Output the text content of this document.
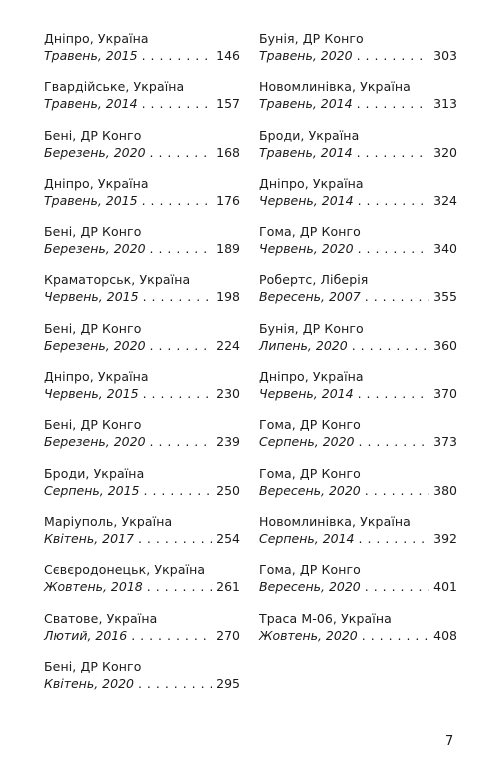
Дніпро, Україна
Травень, 2015 . . .	146
Гвардійське, Україна
Травень, 2014 . . .	157
Бені, ДР Конго
Березень, 2020 . . .	168
Дніпро, Україна
Травень, 2015 . . .	176
Бені, ДР Конго
Березень, 2020 . . .	189
Краматорськ, Україна
Червень, 2015 . . .	198
Бені, ДР Конго
Березень, 2020 . . .	224
Дніпро, Україна
Червень, 2015 . . .	230
Бені, ДР Конго
Березень, 2020 . . .	239
Броди, Україна
Серпень, 2015 . . .	250
Маріуполь, Україна
Квітень, 2017 . . .	254
Сєвєродонецьк, Україна
Жовтень, 2018 . . .	261
Сватове, Україна
Лютий, 2016 . . .	270
Бені, ДР Конго
Квітень, 2020 . . .	295
Бунія, ДР Конго
Травень, 2020 . . .	303
Новомлинівка, Україна
Травень, 2014 . . .	313
Броди, Україна
Травень, 2014 . . .	320
Дніпро, Україна
Червень, 2014 . . .	324
Гома, ДР Конго
Червень, 2020 . . .	340
Робертс, Ліберія
Вересень, 2007 . . .	355
Бунія, ДР Конго
Липень, 2020 . . .	360
Дніпро, Україна
Червень, 2014 . . .	370
Гома, ДР Конго
Серпень, 2020 . . .	373
Гома, ДР Конго
Вересень, 2020 . . .	380
Новомлинівка, Україна
Серпень, 2014 . . .	392
Гома, ДР Конго
Вересень, 2020 . . .	401
Траса М-06, Україна
Жовтень, 2020 . . .	408
7
